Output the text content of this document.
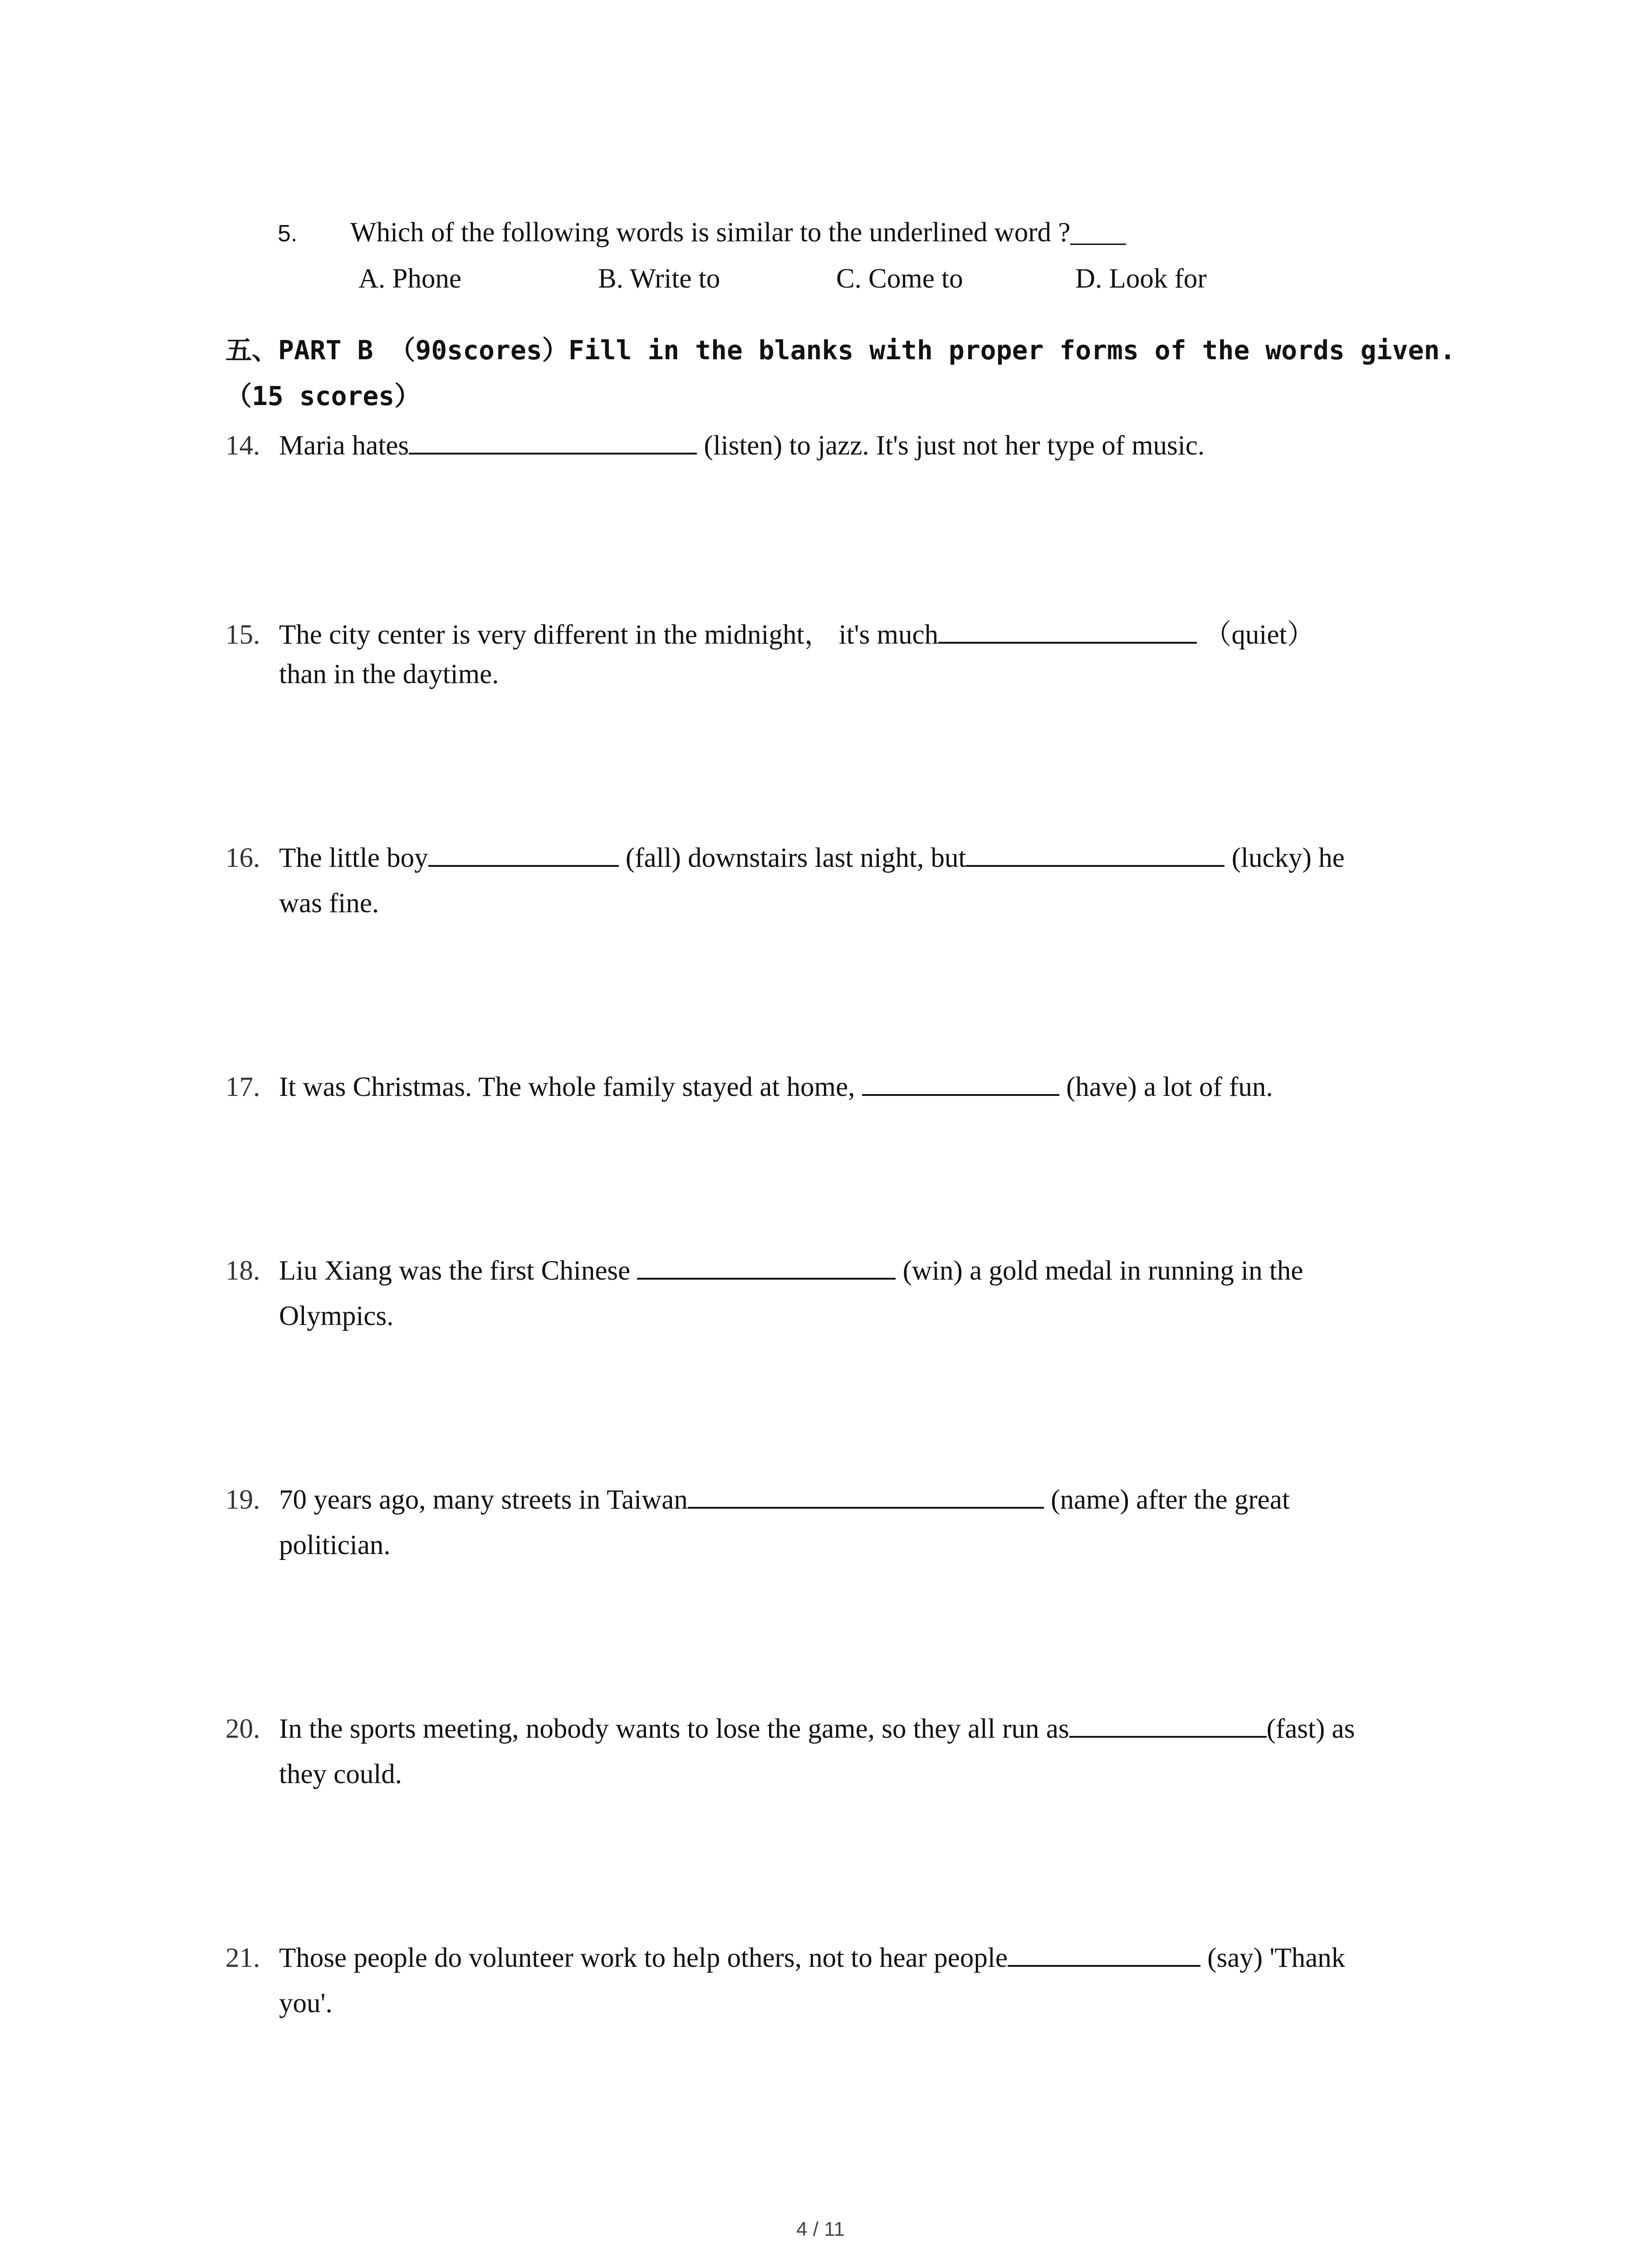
5. Which of the following words is similar to the underlined word ?____
A. Phone	B. Write to	C. Come to	D. Look for
五、PART B （90scores）Fill in the blanks with proper forms of the words given.
（15 scores）
14. Maria hates	(listen) to jazz. It's just not her type of music.
15. The city center is very different in the midnight， it's much	（quiet）
than in the daytime.
16. The little boy	(fall) downstairs last night, but	(lucky) he
was fine.
17. It was Christmas. The whole family stayed at home,	(have) a lot of fun.
18. Liu Xiang was the first Chinese	(win) a gold medal in running in the
Olympics.
19. 70 years ago, many streets in Taiwan	(name) after the great
politician.
20. In the sports meeting, nobody wants to lose the game, so they all run as	(fast) as
they could.
21. Those people do volunteer work to help others, not to hear people	(say) 'Thank
you'.
4 / 11
